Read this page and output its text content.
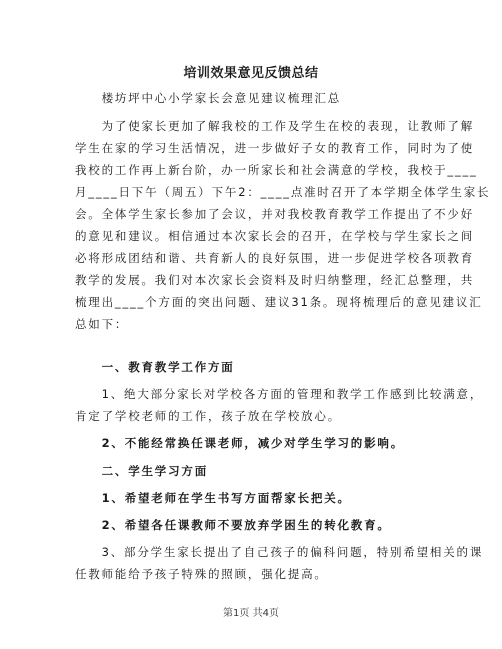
培训效果意见反馈总结
　　楼坊坪中心小学家长会意见建议梳理汇总
　　为了使家长更加了解我校的工作及学生在校的表现，让教师了解
学生在家的学习生活情况，进一步做好子女的教育工作，同时为了使
我校的工作再上新台阶，办一所家长和社会满意的学校，我校于____
月____日下午（周五）下午2：____点准时召开了本学期全体学生家长
会。全体学生家长参加了会议，并对我校教育教学工作提出了不少好
的意见和建议。相信通过本次家长会的召开，在学校与学生家长之间
必将形成团结和谐、共育新人的良好氛围，进一步促进学校各项教育
教学的发展。我们对本次家长会资料及时归纳整理，经汇总整理，共
梳理出____个方面的突出问题、建议31条。现将梳理后的意见建议汇
总如下：
　　一、教育教学工作方面
　　1、绝大部分家长对学校各方面的管理和教学工作感到比较满意，
肯定了学校老师的工作，孩子放在学校放心。
　　2、不能经常换任课老师，减少对学生学习的影响。
　　二、学生学习方面
　　1、希望老师在学生书写方面帮家长把关。
　　2、希望各任课教师不要放弃学困生的转化教育。
　　3、部分学生家长提出了自己孩子的偏科问题，特别希望相关的课
任教师能给予孩子特殊的照顾，强化提高。
第1页 共4页
